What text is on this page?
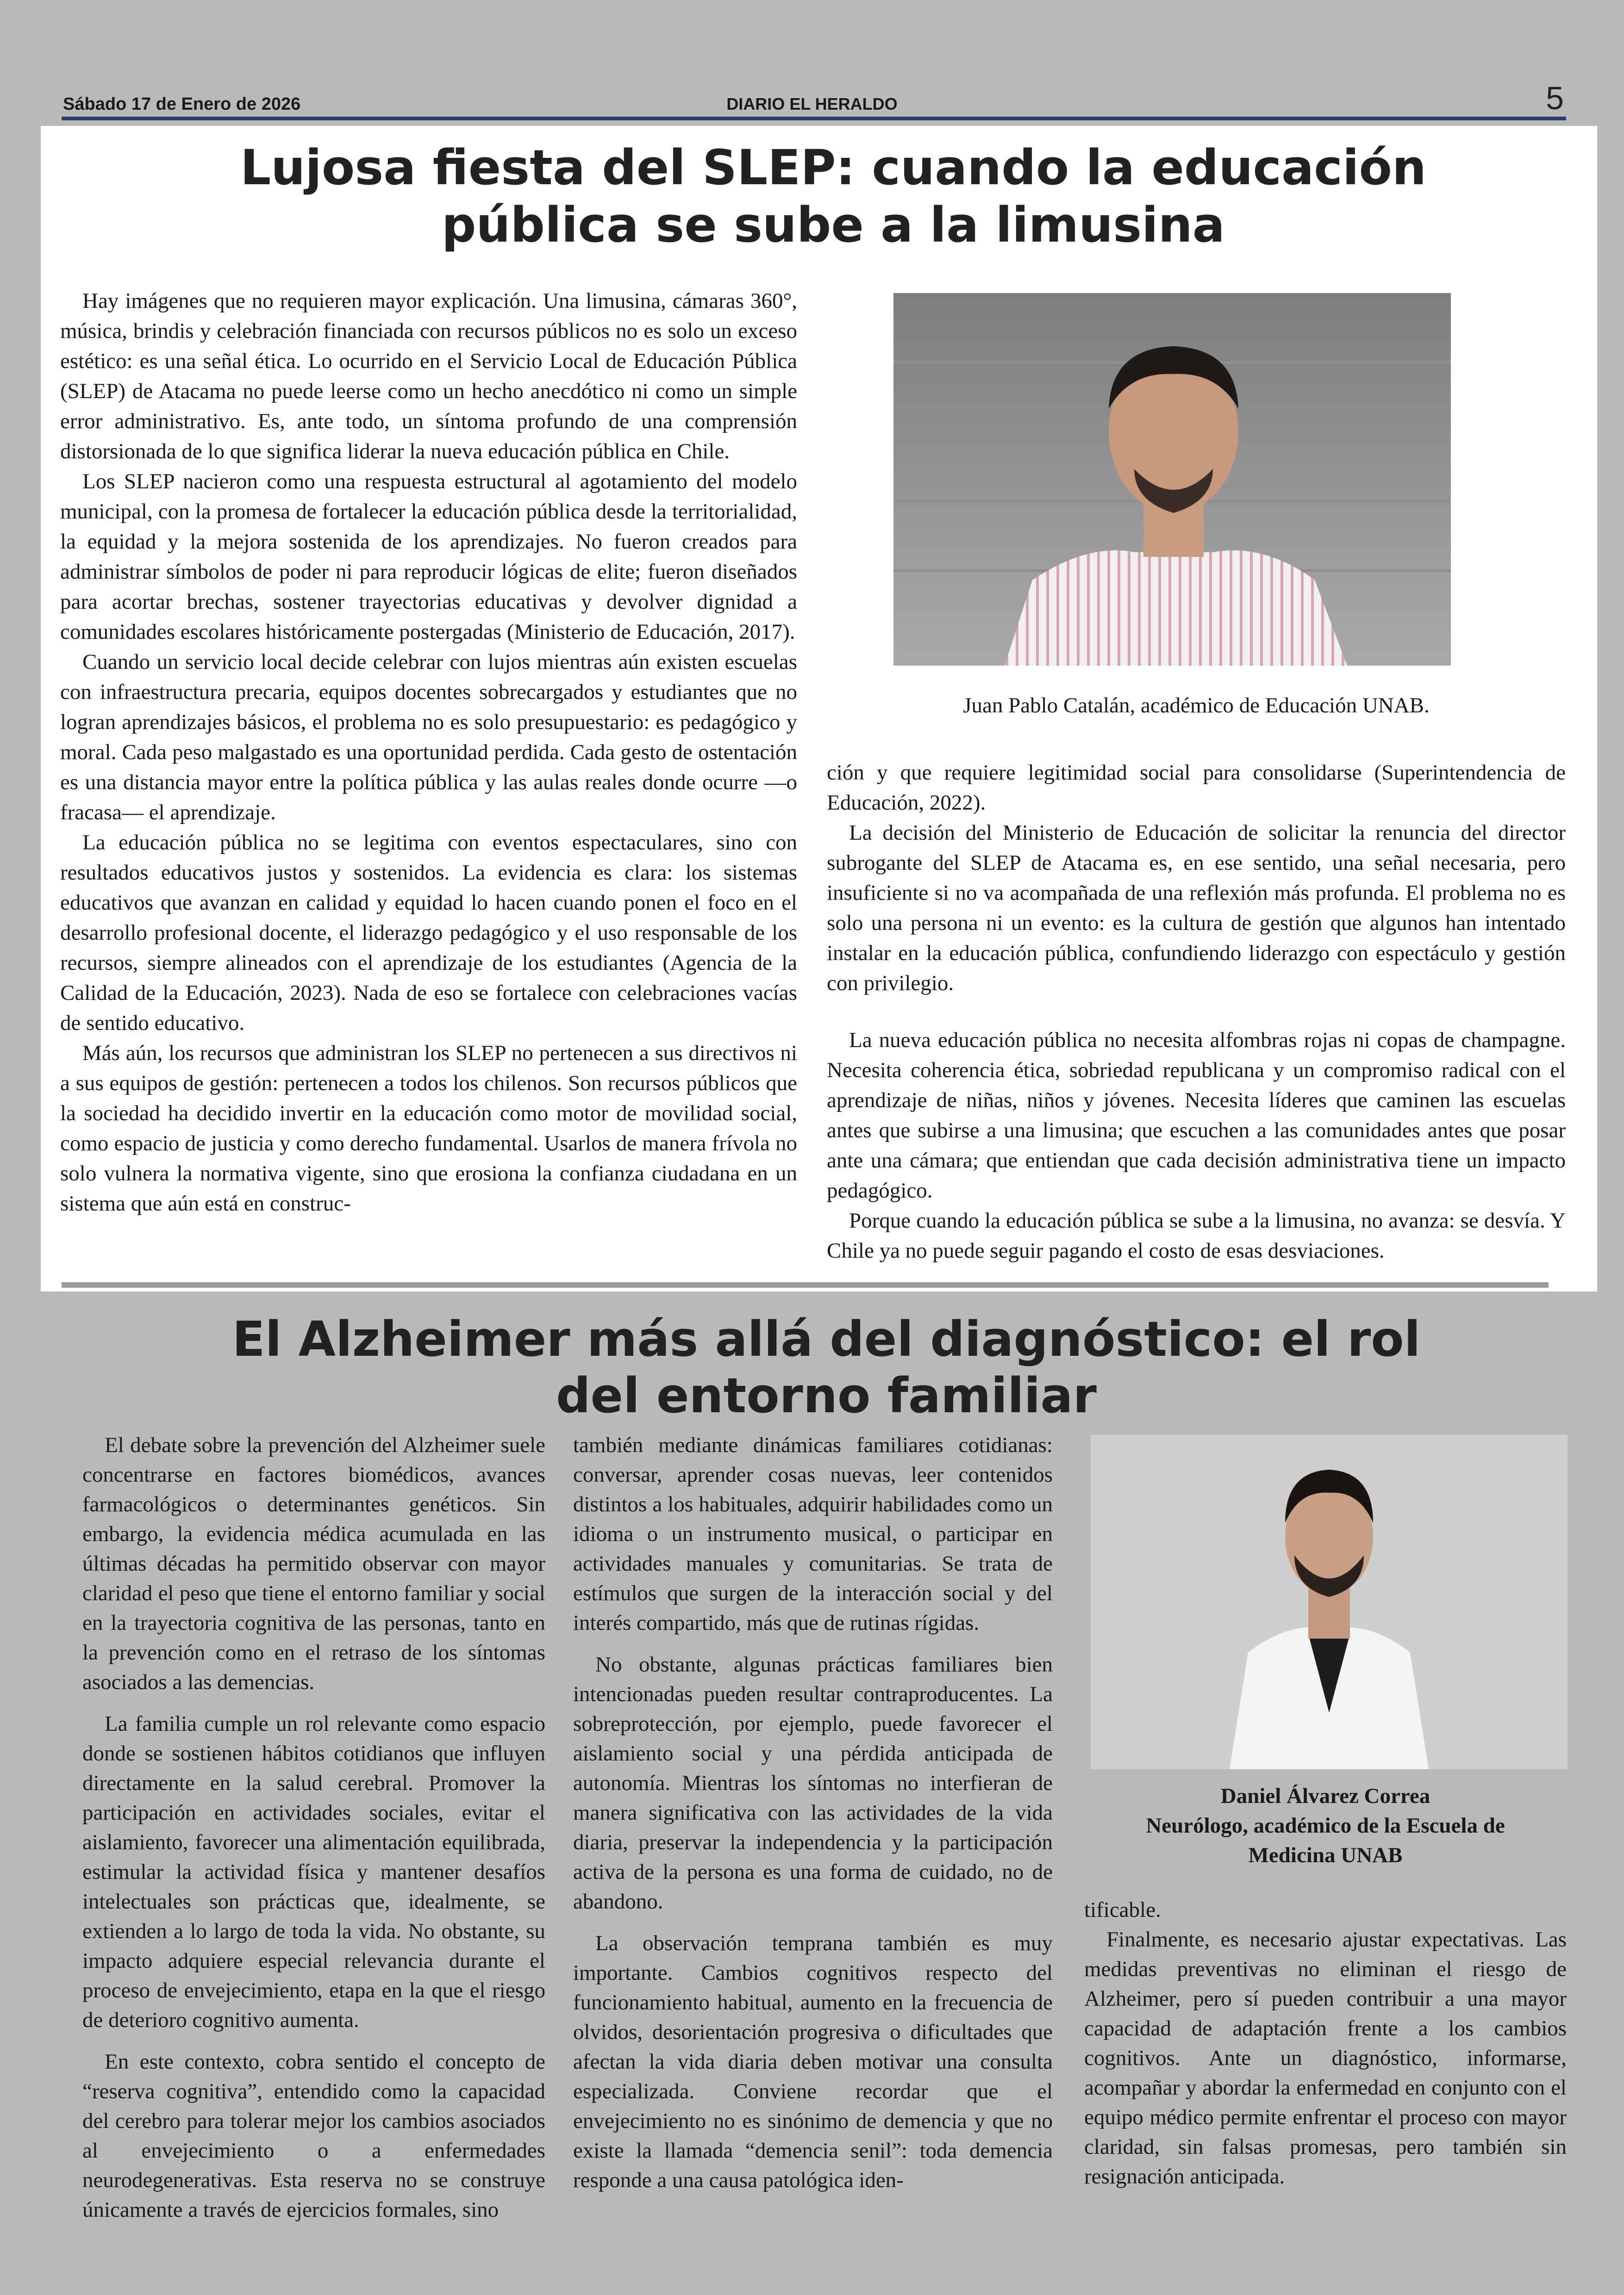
Sábado 17 de Enero de 2026	DIARIO EL HERALDO	5
Lujosa fiesta del SLEP: cuando la educación
pública se sube a la limusina

Hay imágenes que no requieren mayor explicación. Una limusina, cámaras 360°, música, brindis y celebración financiada con recursos públicos no es solo un exceso estético: es una señal ética. Lo ocurrido en el Servicio Local de Educación Pública (SLEP) de Atacama no puede leerse como un hecho anecdótico ni como un simple error administrativo. Es, ante todo, un síntoma profundo de una comprensión distorsionada de lo que significa liderar la nueva educación pública en Chile.

Los SLEP nacieron como una respuesta estructural al agotamiento del modelo municipal, con la promesa de fortalecer la educación pública desde la territorialidad, la equidad y la mejora sostenida de los aprendizajes. No fueron creados para administrar símbolos de poder ni para reproducir lógicas de elite; fueron diseñados para acortar brechas, sostener trayectorias educativas y devolver dignidad a comunidades escolares históricamente postergadas (Ministerio de Educación, 2017).

Cuando un servicio local decide celebrar con lujos mientras aún existen escuelas con infraestructura precaria, equipos docentes sobrecargados y estudiantes que no logran aprendizajes básicos, el problema no es solo presupuestario: es pedagógico y moral. Cada peso malgastado es una oportunidad perdida. Cada gesto de ostentación es una distancia mayor entre la política pública y las aulas reales donde ocurre —o fracasa— el aprendizaje.

La educación pública no se legitima con eventos espectaculares, sino con resultados educativos justos y sostenidos. La evidencia es clara: los sistemas educativos que avanzan en calidad y equidad lo hacen cuando ponen el foco en el desarrollo profesional docente, el liderazgo pedagógico y el uso responsable de los recursos, siempre alineados con el aprendizaje de los estudiantes (Agencia de la Calidad de la Educación, 2023). Nada de eso se fortalece con celebraciones vacías de sentido educativo.

Más aún, los recursos que administran los SLEP no pertenecen a sus directivos ni a sus equipos de gestión: pertenecen a todos los chilenos. Son recursos públicos que la sociedad ha decidido invertir en la educación como motor de movilidad social, como espacio de justicia y como derecho fundamental. Usarlos de manera frívola no solo vulnera la normativa vigente, sino que erosiona la confianza ciudadana en un sistema que aún está en construc-

Juan Pablo Catalán, académico de Educación UNAB.

ción y que requiere legitimidad social para consolidarse (Superintendencia de Educación, 2022).

La decisión del Ministerio de Educación de solicitar la renuncia del director subrogante del SLEP de Atacama es, en ese sentido, una señal necesaria, pero insuficiente si no va acompañada de una reflexión más profunda. El problema no es solo una persona ni un evento: es la cultura de gestión que algunos han intentado instalar en la educación pública, confundiendo liderazgo con espectáculo y gestión con privilegio.

La nueva educación pública no necesita alfombras rojas ni copas de champagne. Necesita coherencia ética, sobriedad republicana y un compromiso radical con el aprendizaje de niñas, niños y jóvenes. Necesita líderes que caminen las escuelas antes que subirse a una limusina; que escuchen a las comunidades antes que posar ante una cámara; que entiendan que cada decisión administrativa tiene un impacto pedagógico.

Porque cuando la educación pública se sube a la limusina, no avanza: se desvía. Y Chile ya no puede seguir pagando el costo de esas desviaciones.

El Alzheimer más allá del diagnóstico: el rol
del entorno familiar

El debate sobre la prevención del Alzheimer suele concentrarse en factores biomédicos, avances farmacológicos o determinantes genéticos. Sin embargo, la evidencia médica acumulada en las últimas décadas ha permitido observar con mayor claridad el peso que tiene el entorno familiar y social en la trayectoria cognitiva de las personas, tanto en la prevención como en el retraso de los síntomas asociados a las demencias.

La familia cumple un rol relevante como espacio donde se sostienen hábitos cotidianos que influyen directamente en la salud cerebral. Promover la participación en actividades sociales, evitar el aislamiento, favorecer una alimentación equilibrada, estimular la actividad física y mantener desafíos intelectuales son prácticas que, idealmente, se extienden a lo largo de toda la vida. No obstante, su impacto adquiere especial relevancia durante el proceso de envejecimiento, etapa en la que el riesgo de deterioro cognitivo aumenta.

En este contexto, cobra sentido el concepto de “reserva cognitiva”, entendido como la capacidad del cerebro para tolerar mejor los cambios asociados al envejecimiento o a enfermedades neurodegenerativas. Esta reserva no se construye únicamente a través de ejercicios formales, sino

también mediante dinámicas familiares cotidianas: conversar, aprender cosas nuevas, leer contenidos distintos a los habituales, adquirir habilidades como un idioma o un instrumento musical, o participar en actividades manuales y comunitarias. Se trata de estímulos que surgen de la interacción social y del interés compartido, más que de rutinas rígidas.

No obstante, algunas prácticas familiares bien intencionadas pueden resultar contraproducentes. La sobreprotección, por ejemplo, puede favorecer el aislamiento social y una pérdida anticipada de autonomía. Mientras los síntomas no interfieran de manera significativa con las actividades de la vida diaria, preservar la independencia y la participación activa de la persona es una forma de cuidado, no de abandono.

La observación temprana también es muy importante. Cambios cognitivos respecto del funcionamiento habitual, aumento en la frecuencia de olvidos, desorientación progresiva o dificultades que afectan la vida diaria deben motivar una consulta especializada. Conviene recordar que el envejecimiento no es sinónimo de demencia y que no existe la llamada “demencia senil”: toda demencia responde a una causa patológica iden-

Daniel Álvarez Correa
Neurólogo, académico de la Escuela de
Medicina UNAB

tificable.

Finalmente, es necesario ajustar expectativas. Las medidas preventivas no eliminan el riesgo de Alzheimer, pero sí pueden contribuir a una mayor capacidad de adaptación frente a los cambios cognitivos. Ante un diagnóstico, informarse, acompañar y abordar la enfermedad en conjunto con el equipo médico permite enfrentar el proceso con mayor claridad, sin falsas promesas, pero también sin resignación anticipada.
